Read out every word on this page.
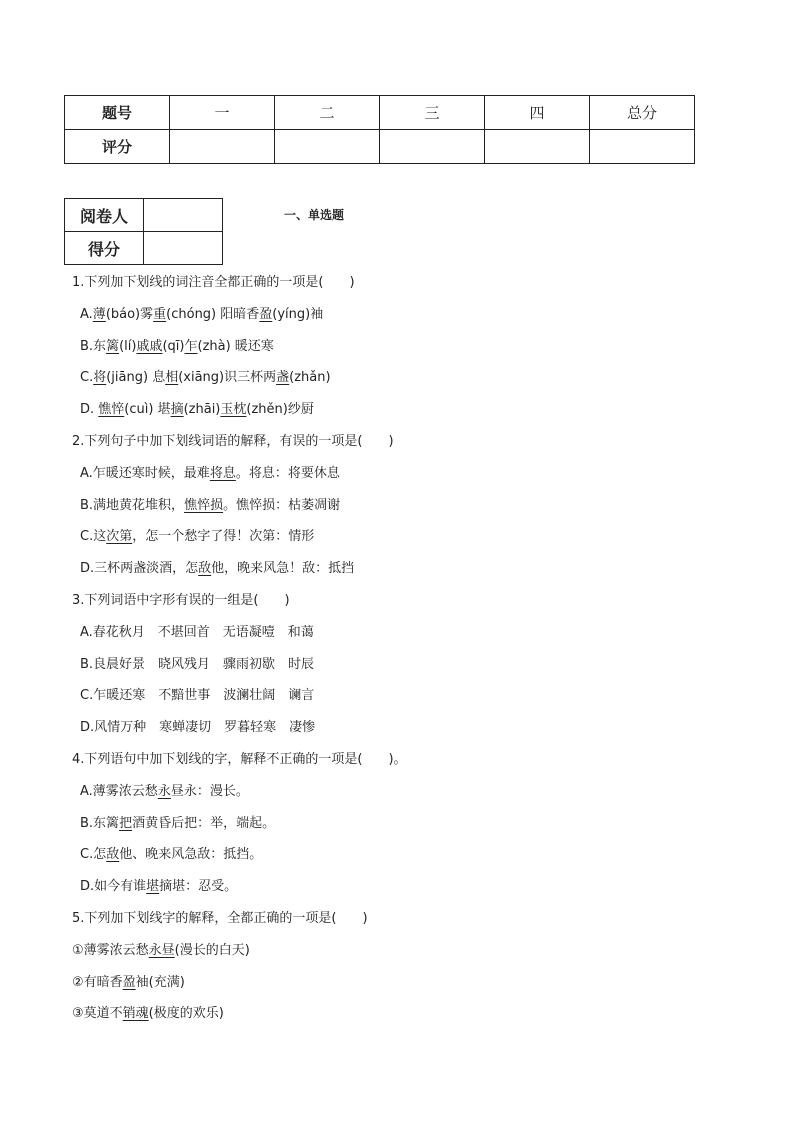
题号	一	二	三	四	总分
评分					
阅卷人	
得分	
一、单选题
1.下列加下划线的词注音全都正确的一项是(　　)
A.薄(báo)雾重(chóng) 阳暗香盈(yíng)袖
B.东篱(lí)戚戚(qī)乍(zhà) 暖还寒
C.将(jiāng) 息相(xiāng)识三杯两盏(zhǎn)
D. 憔悴(cuì) 堪摘(zhāi)玉枕(zhěn)纱厨
2.下列句子中加下划线词语的解释，有误的一项是(　　)
A.乍暖还寒时候，最难将息。将息：将要休息
B.满地黄花堆积，憔悴损。憔悴损：枯萎凋谢
C.这次第，怎一个愁字了得！次第：情形
D.三杯两盏淡酒，怎敌他，晚来风急！敌：抵挡
3.下列词语中字形有误的一组是(　　)
A.春花秋月　不堪回首　无语凝噎　和蔼
B.良晨好景　晓风残月　骤雨初歇　时辰
C.乍暖还寒　不黯世事　波澜壮阔　谰言
D.风情万种　寒蝉凄切　罗暮轻寒　凄惨
4.下列语句中加下划线的字，解释不正确的一项是(　　)。
A.薄雾浓云愁永昼永：漫长。
B.东篱把酒黄昏后把：举，端起。
C.怎敌他、晚来风急敌：抵挡。
D.如今有谁堪摘堪：忍受。
5.下列加下划线字的解释，全都正确的一项是(　　)
①薄雾浓云愁永昼(漫长的白天)
②有暗香盈袖(充满)
③莫道不销魂(极度的欢乐)
